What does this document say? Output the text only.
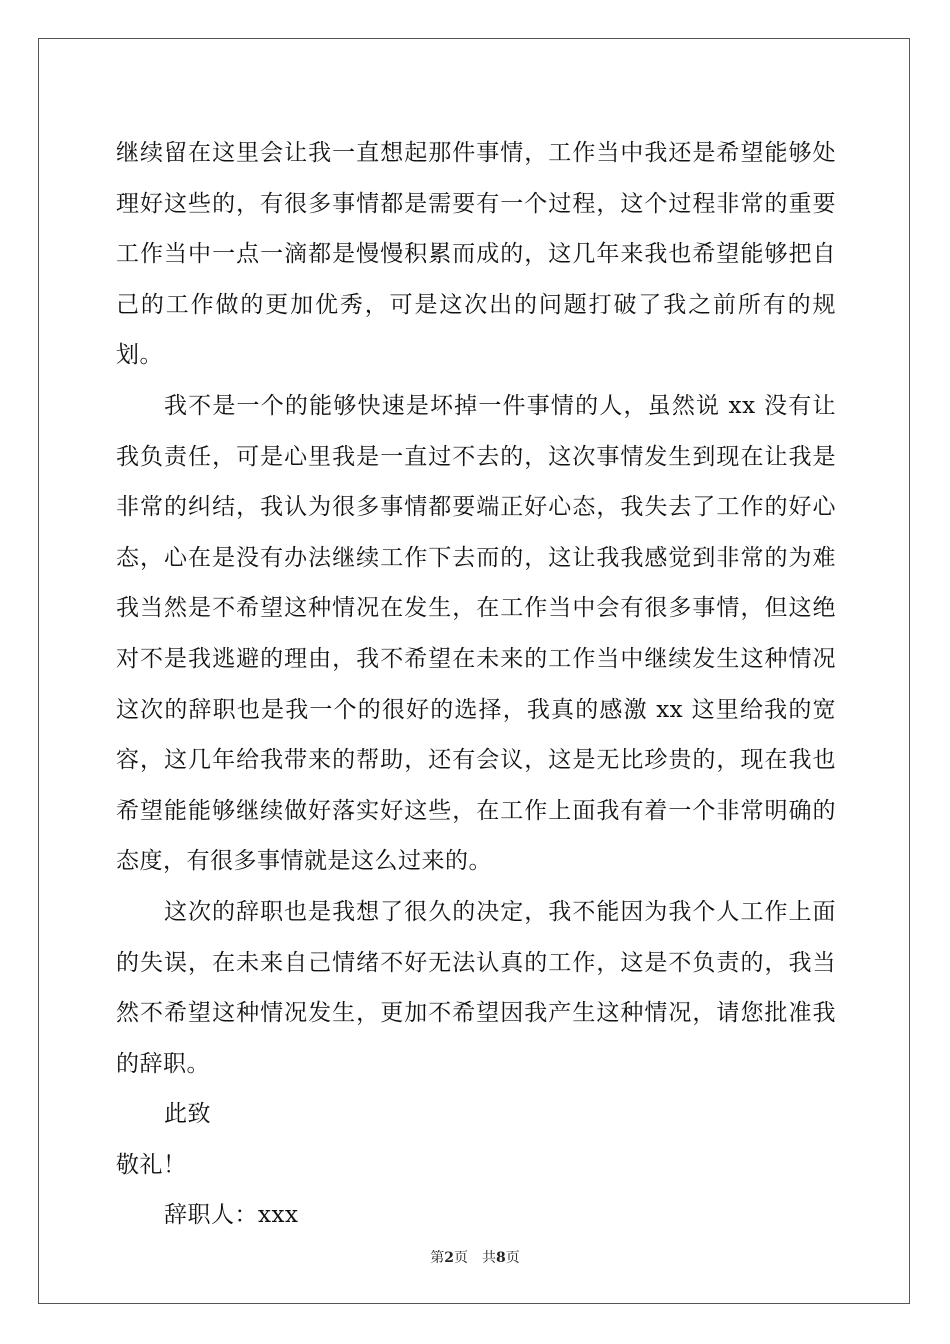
继续留在这里会让我一直想起那件事情，工作当中我还是希望能够处理好这些的，有很多事情都是需要有一个过程，这个过程非常的重要工作当中一点一滴都是慢慢积累而成的，这几年来我也希望能够把自己的工作做的更加优秀，可是这次出的问题打破了我之前所有的规划。

我不是一个的能够快速是坏掉一件事情的人，虽然说 xx 没有让我负责任，可是心里我是一直过不去的，这次事情发生到现在让我是非常的纠结，我认为很多事情都要端正好心态，我失去了工作的好心态，心在是没有办法继续工作下去而的，这让我我感觉到非常的为难我当然是不希望这种情况在发生，在工作当中会有很多事情，但这绝对不是我逃避的理由，我不希望在未来的工作当中继续发生这种情况这次的辞职也是我一个的很好的选择，我真的感激 xx 这里给我的宽容，这几年给我带来的帮助，还有会议，这是无比珍贵的，现在我也希望能能够继续做好落实好这些，在工作上面我有着一个非常明确的态度，有很多事情就是这么过来的。

这次的辞职也是我想了很久的决定，我不能因为我个人工作上面的失误，在未来自己情绪不好无法认真的工作，这是不负责的，我当然不希望这种情况发生，更加不希望因我产生这种情况，请您批准我的辞职。

此致

敬礼！

辞职人：xxx

第2页 共8页
